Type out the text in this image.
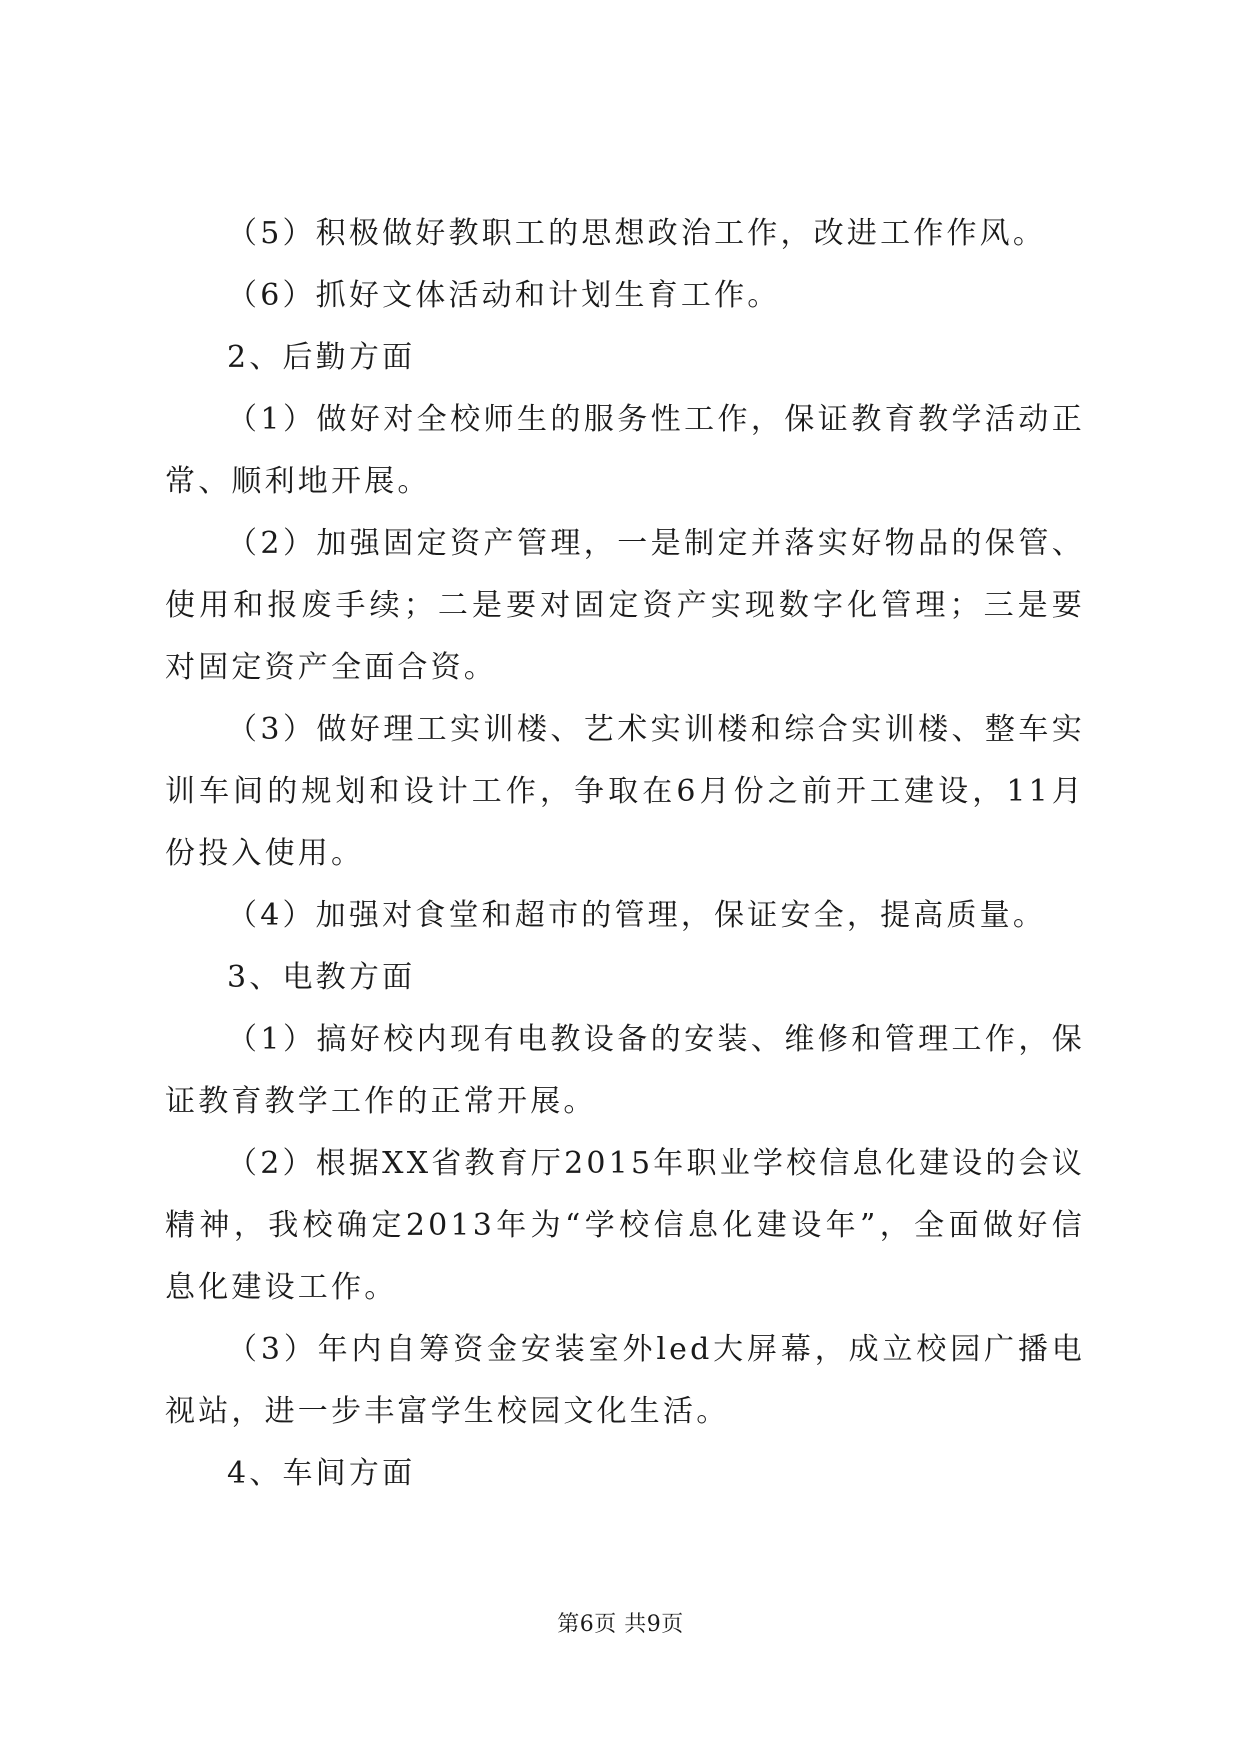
（5）积极做好教职工的思想政治工作，改进工作作风。

（6）抓好文体活动和计划生育工作。

2、后勤方面

（1）做好对全校师生的服务性工作，保证教育教学活动正常、顺利地开展。

（2）加强固定资产管理，一是制定并落实好物品的保管、使用和报废手续；二是要对固定资产实现数字化管理；三是要对固定资产全面合资。

（3）做好理工实训楼、艺术实训楼和综合实训楼、整车实训车间的规划和设计工作，争取在6月份之前开工建设，11月份投入使用。

（4）加强对食堂和超市的管理，保证安全，提高质量。

3、电教方面

（1）搞好校内现有电教设备的安装、维修和管理工作，保证教育教学工作的正常开展。

（2）根据XX省教育厅2015年职业学校信息化建设的会议精神，我校确定2013年为“学校信息化建设年”，全面做好信息化建设工作。

（3）年内自筹资金安装室外led大屏幕，成立校园广播电视站，进一步丰富学生校园文化生活。

4、车间方面

第6页 共9页
